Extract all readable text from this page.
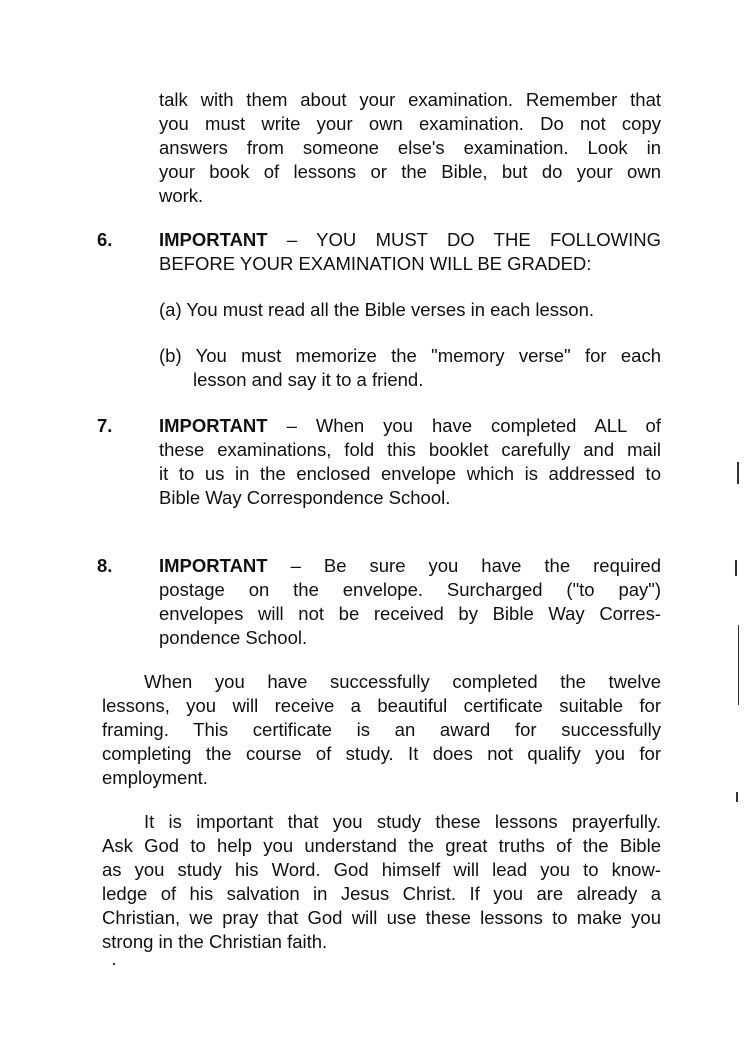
talk with them about your examination. Remember that
you must write your own examination. Do not copy
answers from someone else's examination. Look in
your book of lessons or the Bible, but do your own
work.
6.	IMPORTANT – YOU MUST DO THE FOLLOWING
BEFORE YOUR EXAMINATION WILL BE GRADED:
(a) You must read all the Bible verses in each lesson.
(b) You must memorize the "memory verse" for each
lesson and say it to a friend.
7.	IMPORTANT – When you have completed ALL of
these examinations, fold this booklet carefully and mail
it to us in the enclosed envelope which is addressed to
Bible Way Correspondence School.
8.	IMPORTANT – Be sure you have the required
postage on the envelope. Surcharged ("to pay")
envelopes will not be received by Bible Way Corres-
pondence School.
When you have successfully completed the twelve
lessons, you will receive a beautiful certificate suitable for
framing. This certificate is an award for successfully
completing the course of study. It does not qualify you for
employment.
It is important that you study these lessons prayerfully.
Ask God to help you understand the great truths of the Bible
as you study his Word. God himself will lead you to know-
ledge of his salvation in Jesus Christ. If you are already a
Christian, we pray that God will use these lessons to make you
strong in the Christian faith.
